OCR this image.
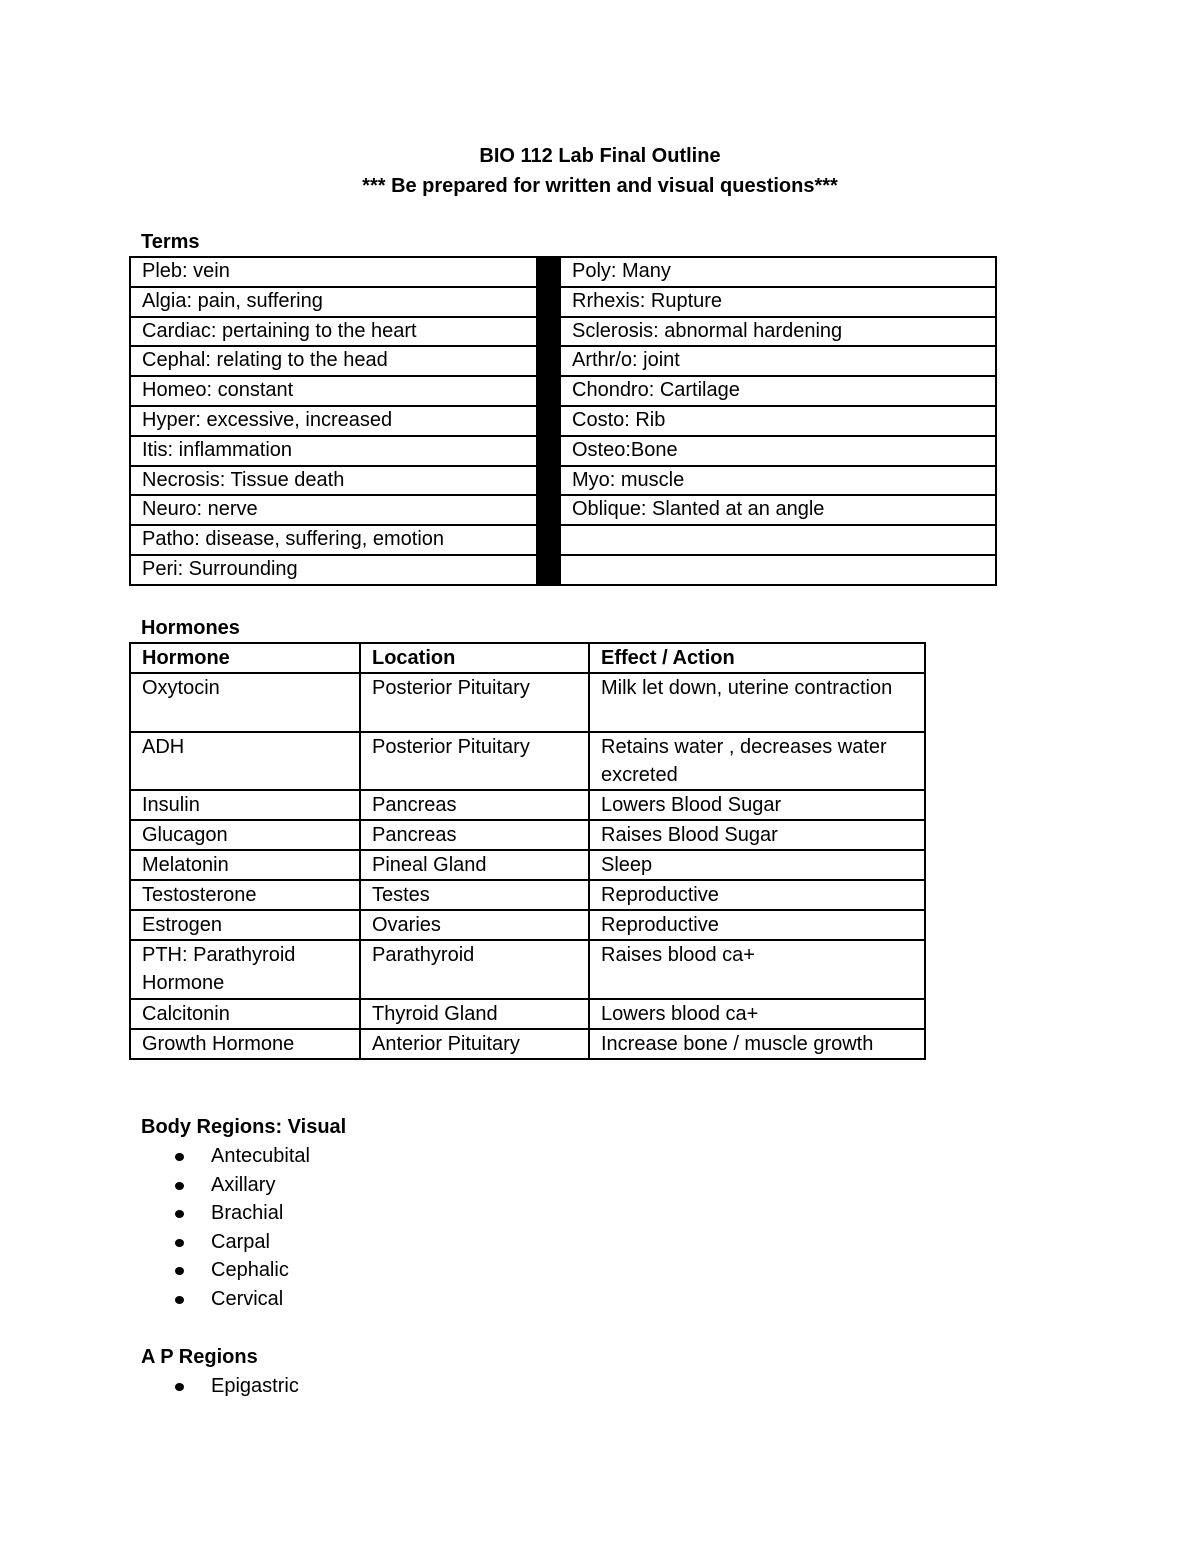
BIO 112 Lab Final Outline
*** Be prepared for written and visual questions***
Terms
Pleb: vein		Poly: Many
Algia: pain, suffering		Rrhexis: Rupture
Cardiac: pertaining to the heart		Sclerosis: abnormal hardening
Cephal: relating to the head		Arthr/o: joint
Homeo: constant		Chondro: Cartilage
Hyper: excessive, increased		Costo: Rib
Itis: inflammation		Osteo:Bone
Necrosis: Tissue death		Myo: muscle
Neuro: nerve		Oblique: Slanted at an angle
Patho: disease, suffering, emotion		
Peri: Surrounding		
Hormones
Hormone	Location	Effect / Action
Oxytocin	Posterior Pituitary	Milk let down, uterine contraction
ADH	Posterior Pituitary	Retains water , decreases water excreted
Insulin	Pancreas	Lowers Blood Sugar
Glucagon	Pancreas	Raises Blood Sugar
Melatonin	Pineal Gland	Sleep
Testosterone	Testes	Reproductive
Estrogen	Ovaries	Reproductive
PTH: Parathyroid Hormone	Parathyroid	Raises blood ca+
Calcitonin	Thyroid Gland	Lowers blood ca+
Growth Hormone	Anterior Pituitary	Increase bone / muscle growth
Body Regions: Visual
Antecubital
Axillary
Brachial
Carpal
Cephalic
Cervical
A P Regions
Epigastric
